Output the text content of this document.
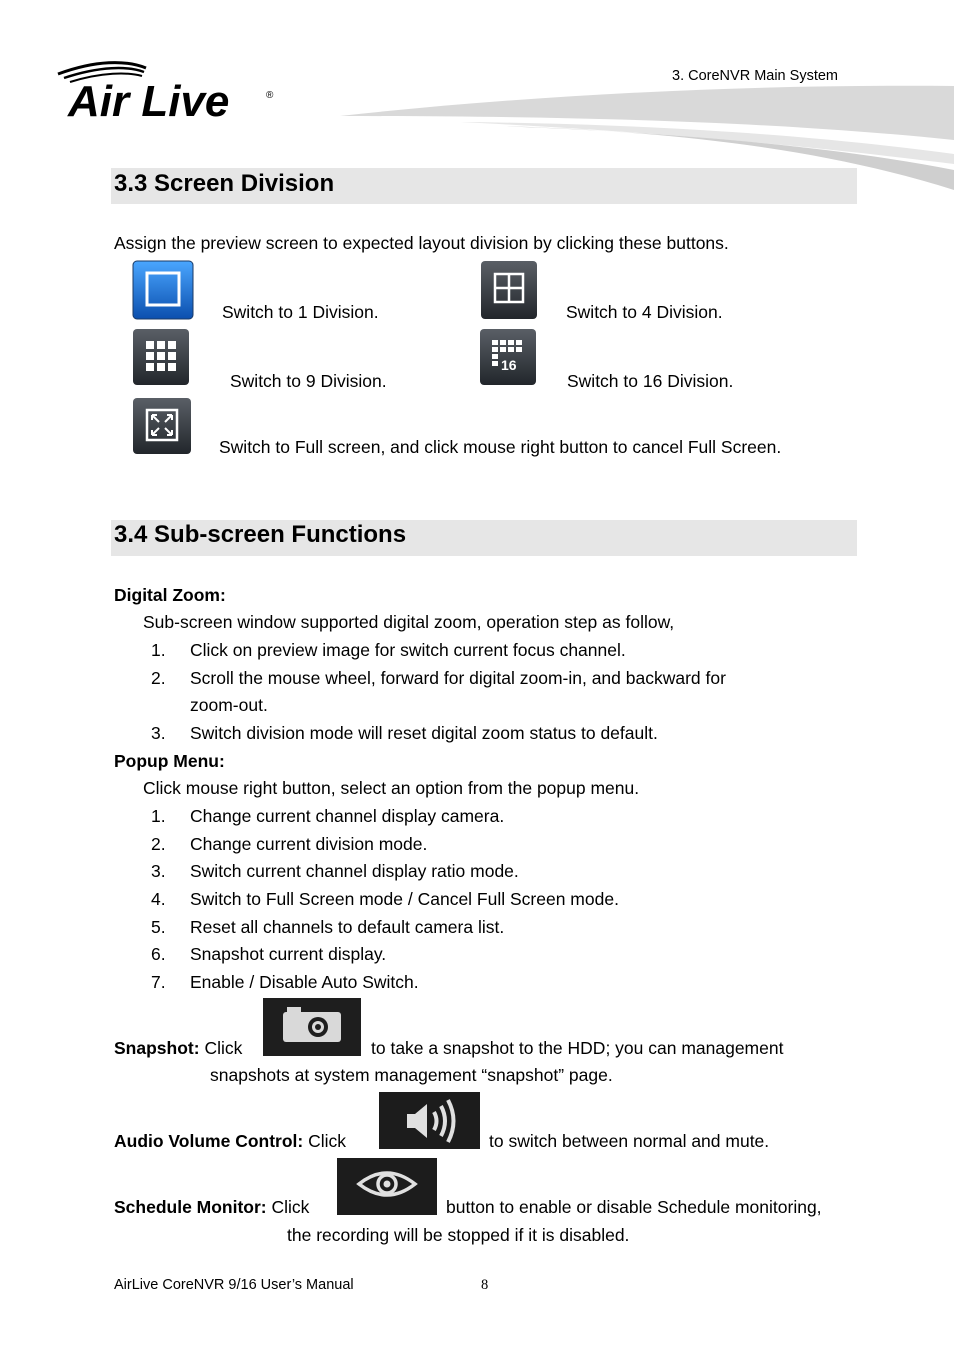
Air Live	®
3. CoreNVR Main System
3.3 Screen Division
Assign the preview screen to expected layout division by clicking these buttons.
Switch to 1 Division.	Switch to 4 Division.
Switch to 9 Division.
16
Switch to 16 Division.
Switch to Full screen, and click mouse right button to cancel Full Screen.
3.4 Sub-screen Functions
Digital Zoom:
Sub-screen window supported digital zoom, operation step as follow,
1. Click on preview image for switch current focus channel.
2. Scroll the mouse wheel, forward for digital zoom-in, and backward for
zoom-out.
3. Switch division mode will reset digital zoom status to default.
Popup Menu:
Click mouse right button, select an option from the popup menu.
1. Change current channel display camera.
2. Change current division mode.
3. Switch current channel display ratio mode.
4. Switch to Full Screen mode / Cancel Full Screen mode.
5. Reset all channels to default camera list.
6. Snapshot current display.
7. Enable / Disable Auto Switch.
Snapshot: Click	to take a snapshot to the HDD; you can management
snapshots at system management “snapshot” page.
Audio Volume Control: Click	to switch between normal and mute.
Schedule Monitor: Click	button to enable or disable Schedule monitoring,
the recording will be stopped if it is disabled.
AirLive CoreNVR 9/16 User’s Manual	8
